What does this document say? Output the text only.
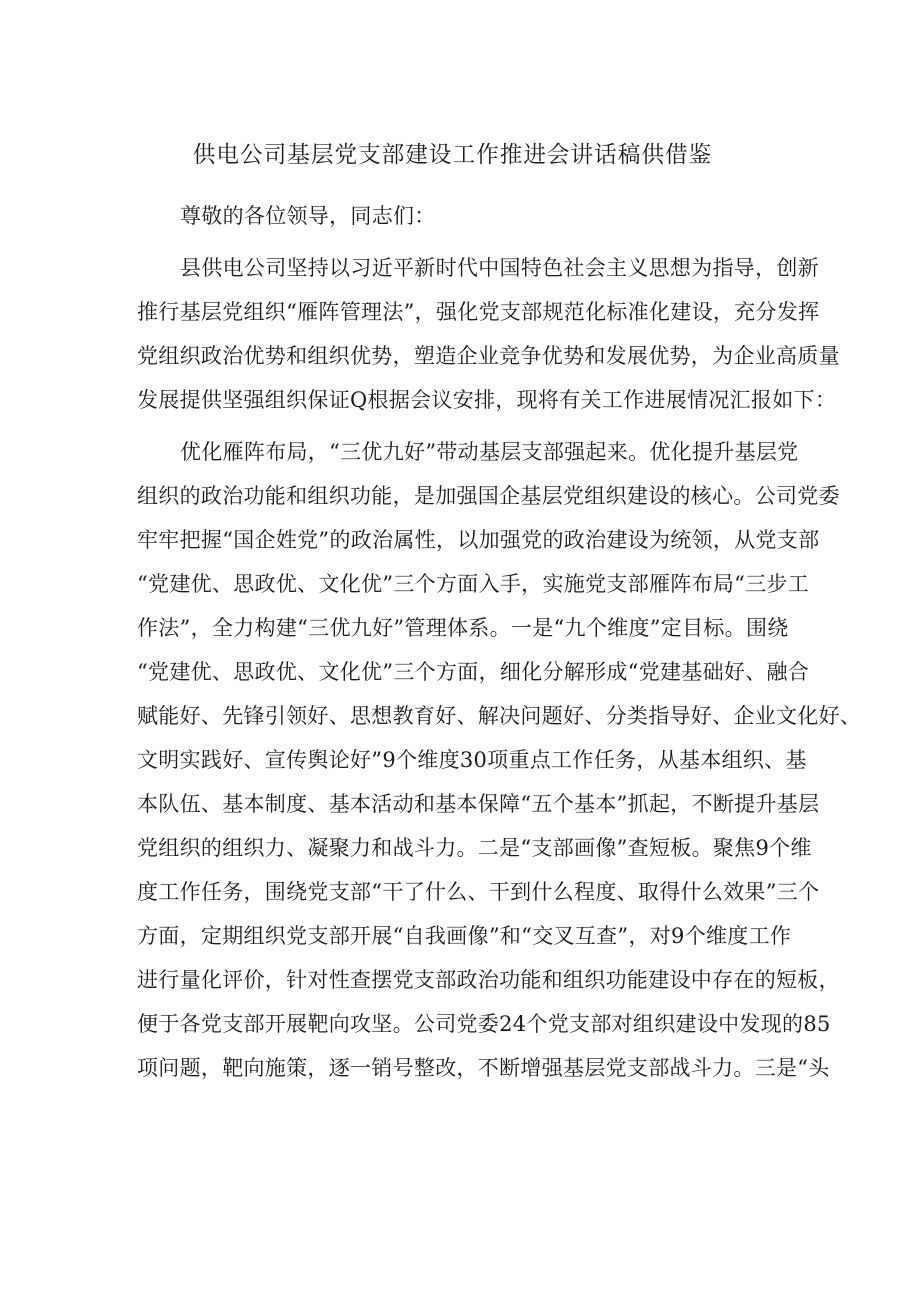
供电公司基层党支部建设工作推进会讲话稿供借鉴
尊敬的各位领导，同志们：
县供电公司坚持以习近平新时代中国特色社会主义思想为指导，创新
推行基层党组织“雁阵管理法”，强化党支部规范化标准化建设，充分发挥
党组织政治优势和组织优势，塑造企业竞争优势和发展优势，为企业高质量
发展提供坚强组织保证Q根据会议安排，现将有关工作进展情况汇报如下：
优化雁阵布局，“三优九好”带动基层支部强起来。优化提升基层党
组织的政治功能和组织功能，是加强国企基层党组织建设的核心。公司党委
牢牢把握“国企姓党”的政治属性，以加强党的政治建设为统领，从党支部
“党建优、思政优、文化优”三个方面入手，实施党支部雁阵布局“三步工
作法”，全力构建“三优九好”管理体系。一是“九个维度”定目标。围绕
“党建优、思政优、文化优”三个方面，细化分解形成“党建基础好、融合
赋能好、先锋引领好、思想教育好、解决问题好、分类指导好、企业文化好、
文明实践好、宣传舆论好”9个维度30项重点工作任务，从基本组织、基
本队伍、基本制度、基本活动和基本保障“五个基本”抓起，不断提升基层
党组织的组织力、凝聚力和战斗力。二是“支部画像”查短板。聚焦9个维
度工作任务，围绕党支部“干了什么、干到什么程度、取得什么效果”三个
方面，定期组织党支部开展“自我画像”和“交叉互查”，对9个维度工作
进行量化评价，针对性查摆党支部政治功能和组织功能建设中存在的短板，
便于各党支部开展靶向攻坚。公司党委24个党支部对组织建设中发现的85
项问题，靶向施策，逐一销号整改，不断增强基层党支部战斗力。三是“头
